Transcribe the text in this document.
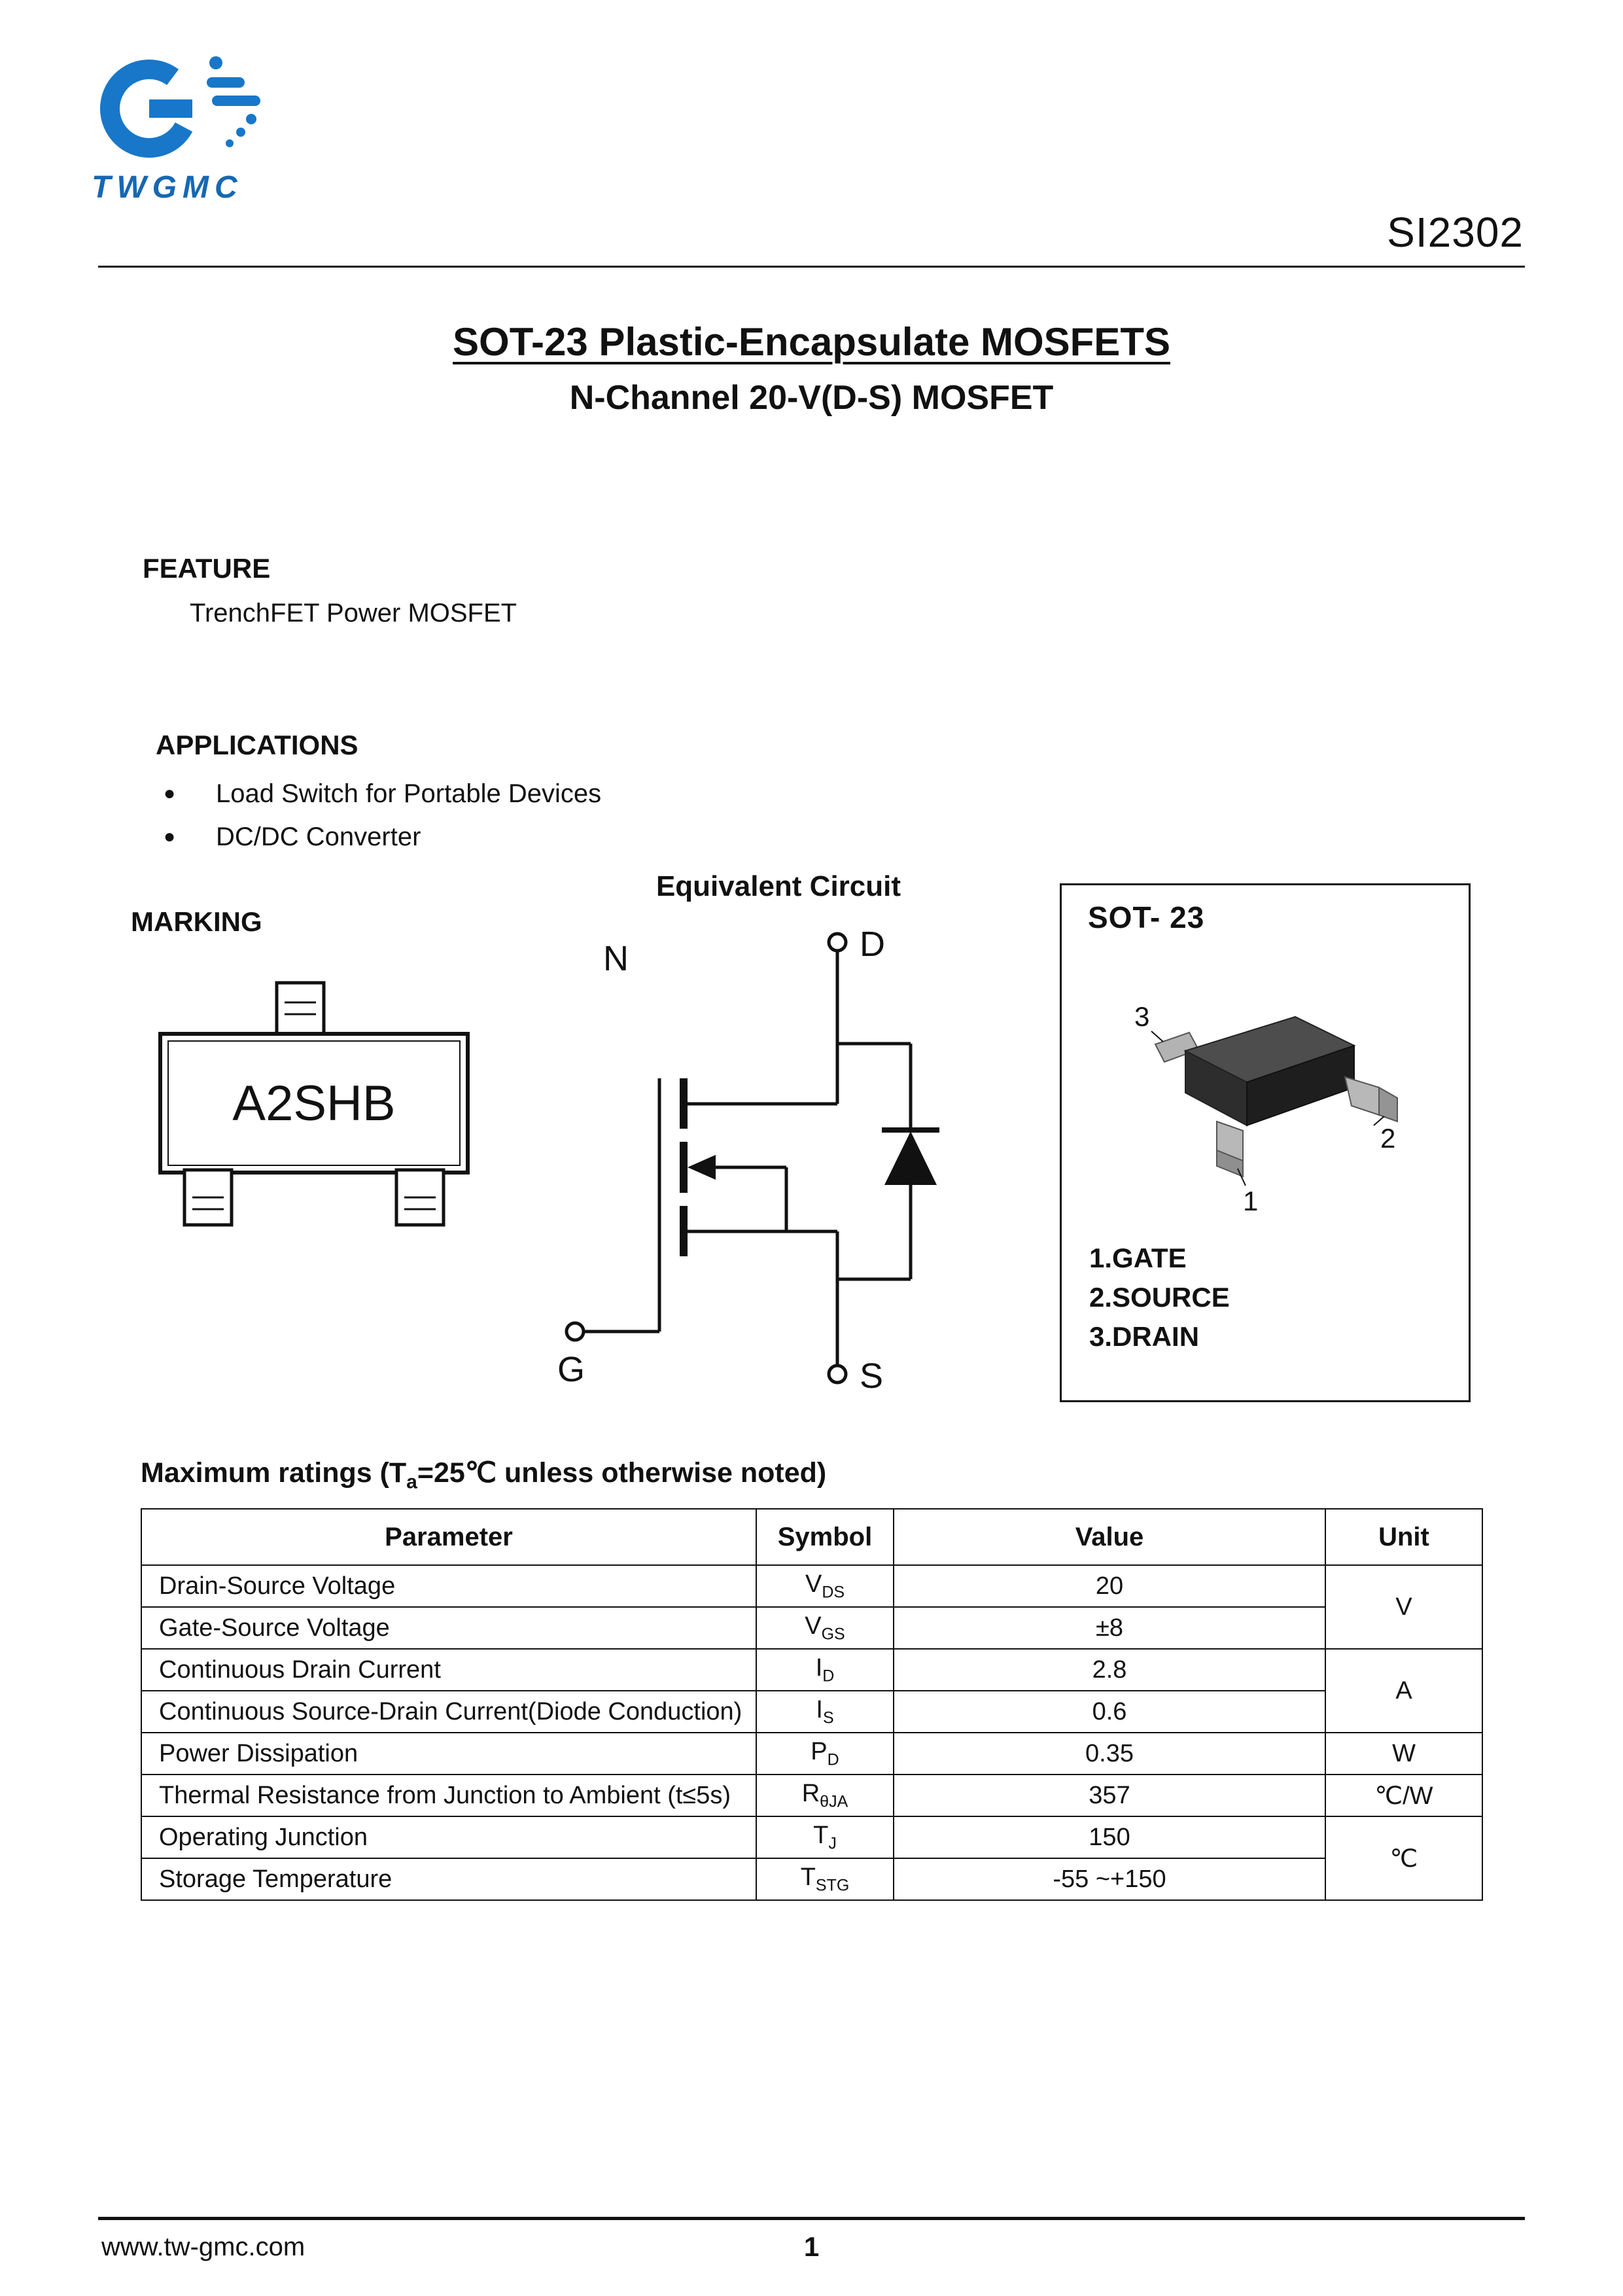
TWGMC
SI2302
SOT-23 Plastic-Encapsulate MOSFETS
N-Channel 20-V(D-S) MOSFET
FEATURE
TrenchFET Power MOSFET
APPLICATIONS
●	Load Switch for Portable Devices
●	DC/DC Converter
Equivalent Circuit
N	D
G	S
MARKING
A2SHB
SOT- 23
3
2
1
1.GATE
2.SOURCE
3.DRAIN
Maximum ratings ($T_a=25℃$ unless otherwise noted)
Parameter	Symbol	Value	Unit
Drain-Source Voltage	$V_{DS}$	20	V
Gate-Source Voltage	$V_{GS}$	±8	
Continuous Drain Current	$I_D$	2.8	A
Continuous Source-Drain Current(Diode Conduction)	$I_S$	0.6	
Power Dissipation	$P_D$	0.35	W
Thermal Resistance from Junction to Ambient (t≤5s)	$R_{\theta JA}$	357	℃/W
Operating Junction	$T_J$	150	℃
Storage Temperature	$T_{STG}$	-55 ~+150	
www.tw-gmc.com	1
